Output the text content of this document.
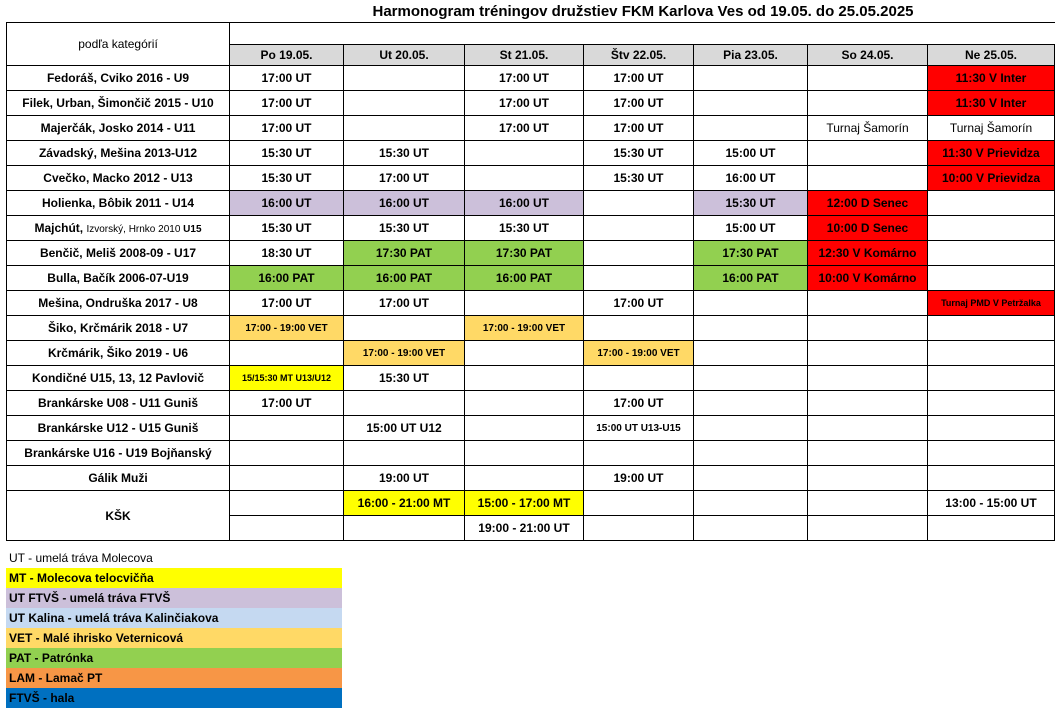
Harmonogram tréningov družstiev FKM Karlova Ves od 19.05. do 25.05.2025
podľa kategórií							
	Po 19.05.	Ut 20.05.	St 21.05.	Štv 22.05.	Pia 23.05.	So 24.05.	Ne 25.05.
Fedoráš, Cviko 2016 - U9	17:00 UT		17:00 UT	17:00 UT			11:30 V Inter
Filek, Urban, Šimončič 2015 - U10	17:00 UT		17:00 UT	17:00 UT			11:30 V Inter
Majerčák, Josko 2014 - U11	17:00 UT		17:00 UT	17:00 UT		Turnaj Šamorín	Turnaj Šamorín
Závadský, Mešina 2013-U12	15:30 UT	15:30 UT		15:30 UT	15:00 UT		11:30 V Prievidza
Cvečko, Macko 2012 - U13	15:30 UT	17:00 UT		15:30 UT	16:00 UT		10:00 V Prievidza
Holienka, Bôbik 2011 - U14	16:00 UT	16:00 UT	16:00 UT		15:30 UT	12:00 D Senec	
Majchút, Izvorský, Hrnko 2010 U15	15:30 UT	15:30 UT	15:30 UT		15:00 UT	10:00 D Senec	
Benčič, Meliš 2008-09 - U17	18:30 UT	17:30 PAT	17:30 PAT		17:30 PAT	12:30 V Komárno	
Bulla, Bačík 2006-07-U19	16:00 PAT	16:00 PAT	16:00 PAT		16:00 PAT	10:00 V Komárno	
Mešina, Ondruška 2017 - U8	17:00 UT	17:00 UT		17:00 UT			Turnaj PMD V Petržalka
Šiko, Krčmárik 2018 - U7	17:00 - 19:00 VET		17:00 - 19:00 VET				
Krčmárik, Šiko 2019 - U6		17:00 - 19:00 VET		17:00 - 19:00 VET			
Kondičné U15, 13, 12 Pavlovič	15/15:30 MT U13/U12	15:30 UT					
Brankárske U08 - U11 Guniš	17:00 UT			17:00 UT			
Brankárske U12 - U15 Guniš		15:00 UT U12		15:00 UT U13-U15			
Brankárske U16 - U19 Bojňanský							
Gálik Muži		19:00 UT		19:00 UT			
KŠK		16:00 - 21:00 MT	15:00 - 17:00 MT				13:00 - 15:00 UT
			19:00 - 21:00 UT				
UT - umelá tráva Molecova
MT - Molecova telocvičňa
UT FTVŠ - umelá tráva FTVŠ
UT Kalina - umelá tráva Kalinčiakova
VET - Malé ihrisko Veternicová
PAT - Patrónka
LAM - Lamač PT
FTVŠ - hala
